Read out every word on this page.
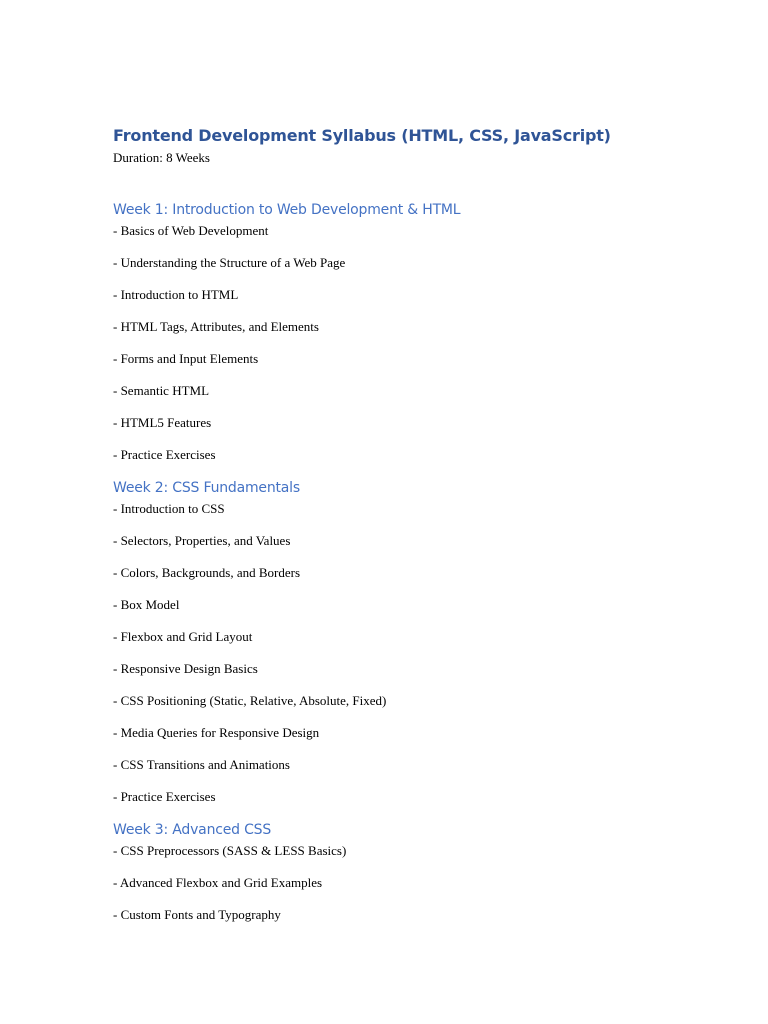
Frontend Development Syllabus (HTML, CSS, JavaScript)

Duration: 8 Weeks

Week 1: Introduction to Web Development & HTML
- Basics of Web Development
- Understanding the Structure of a Web Page
- Introduction to HTML
- HTML Tags, Attributes, and Elements
- Forms and Input Elements
- Semantic HTML
- HTML5 Features
- Practice Exercises
Week 2: CSS Fundamentals
- Introduction to CSS
- Selectors, Properties, and Values
- Colors, Backgrounds, and Borders
- Box Model
- Flexbox and Grid Layout
- Responsive Design Basics
- CSS Positioning (Static, Relative, Absolute, Fixed)
- Media Queries for Responsive Design
- CSS Transitions and Animations
- Practice Exercises
Week 3: Advanced CSS
- CSS Preprocessors (SASS & LESS Basics)
- Advanced Flexbox and Grid Examples
- Custom Fonts and Typography
